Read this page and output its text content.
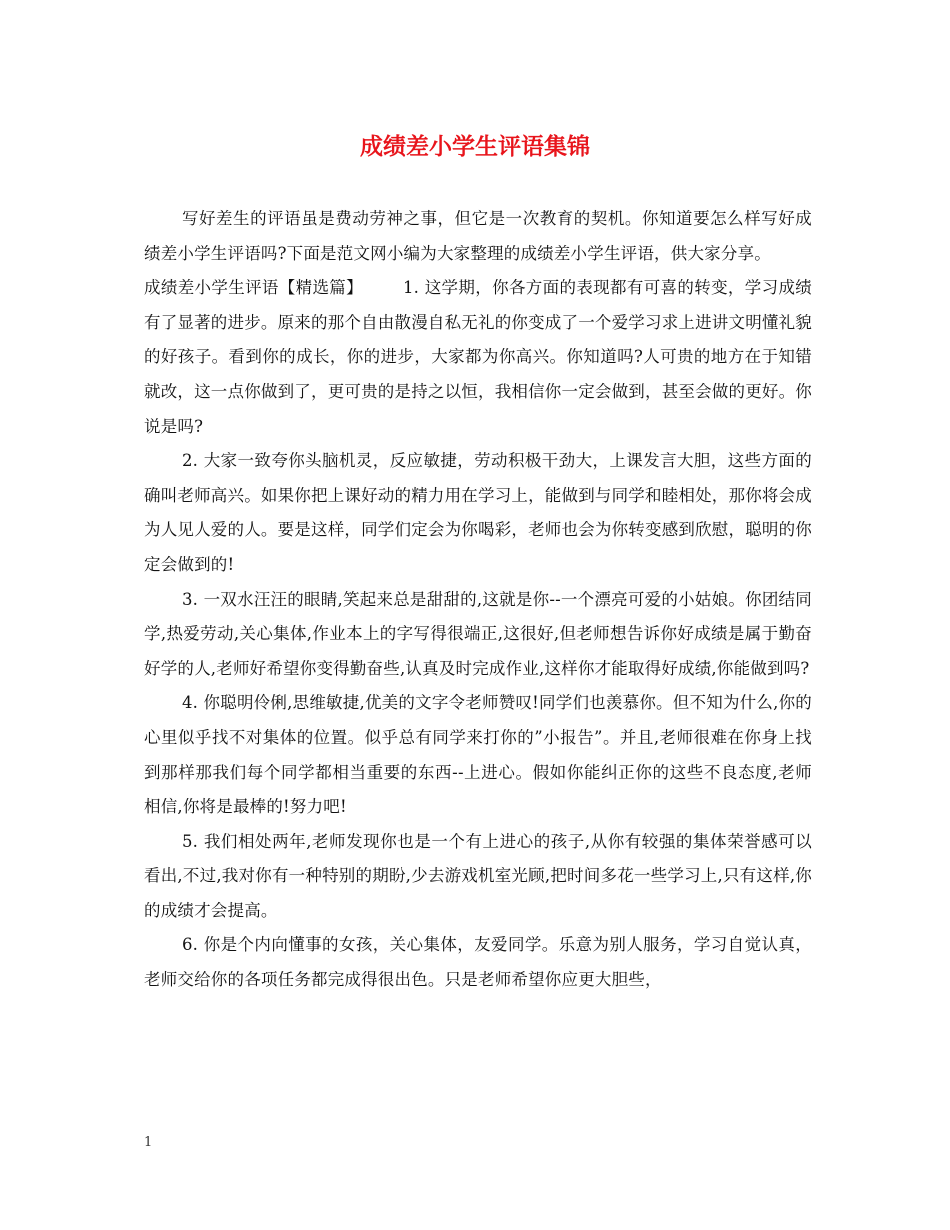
成绩差小学生评语集锦

写好差生的评语虽是费动劳神之事，但它是一次教育的契机。你知道要怎么样写好成绩差小学生评语吗?下面是范文网小编为大家整理的成绩差小学生评语，供大家分享。

成绩差小学生评语【精选篇】 1. 这学期，你各方面的表现都有可喜的转变，学习成绩有了显著的进步。原来的那个自由散漫自私无礼的你变成了一个爱学习求上进讲文明懂礼貌的好孩子。看到你的成长，你的进步，大家都为你高兴。你知道吗?人可贵的地方在于知错就改，这一点你做到了，更可贵的是持之以恒，我相信你一定会做到，甚至会做的更好。你说是吗?

2. 大家一致夸你头脑机灵，反应敏捷，劳动积极干劲大，上课发言大胆，这些方面的确叫老师高兴。如果你把上课好动的精力用在学习上，能做到与同学和睦相处，那你将会成为人见人爱的人。要是这样，同学们定会为你喝彩，老师也会为你转变感到欣慰，聪明的你定会做到的!

3. 一双水汪汪的眼睛,笑起来总是甜甜的,这就是你--一个漂亮可爱的小姑娘。你团结同学,热爱劳动,关心集体,作业本上的字写得很端正,这很好,但老师想告诉你好成绩是属于勤奋好学的人,老师好希望你变得勤奋些,认真及时完成作业,这样你才能取得好成绩,你能做到吗?

4. 你聪明伶俐,思维敏捷,优美的文字令老师赞叹!同学们也羡慕你。但不知为什么,你的心里似乎找不对集体的位置。似乎总有同学来打你的”小报告”。并且,老师很难在你身上找到那样那我们每个同学都相当重要的东西--上进心。假如你能纠正你的这些不良态度,老师相信,你将是最棒的!努力吧!

5. 我们相处两年,老师发现你也是一个有上进心的孩子,从你有较强的集体荣誉感可以看出,不过,我对你有一种特别的期盼,少去游戏机室光顾,把时间多花一些学习上,只有这样,你的成绩才会提高。

6. 你是个内向懂事的女孩，关心集体，友爱同学。乐意为别人服务，学习自觉认真，老师交给你的各项任务都完成得很出色。只是老师希望你应更大胆些，

1
